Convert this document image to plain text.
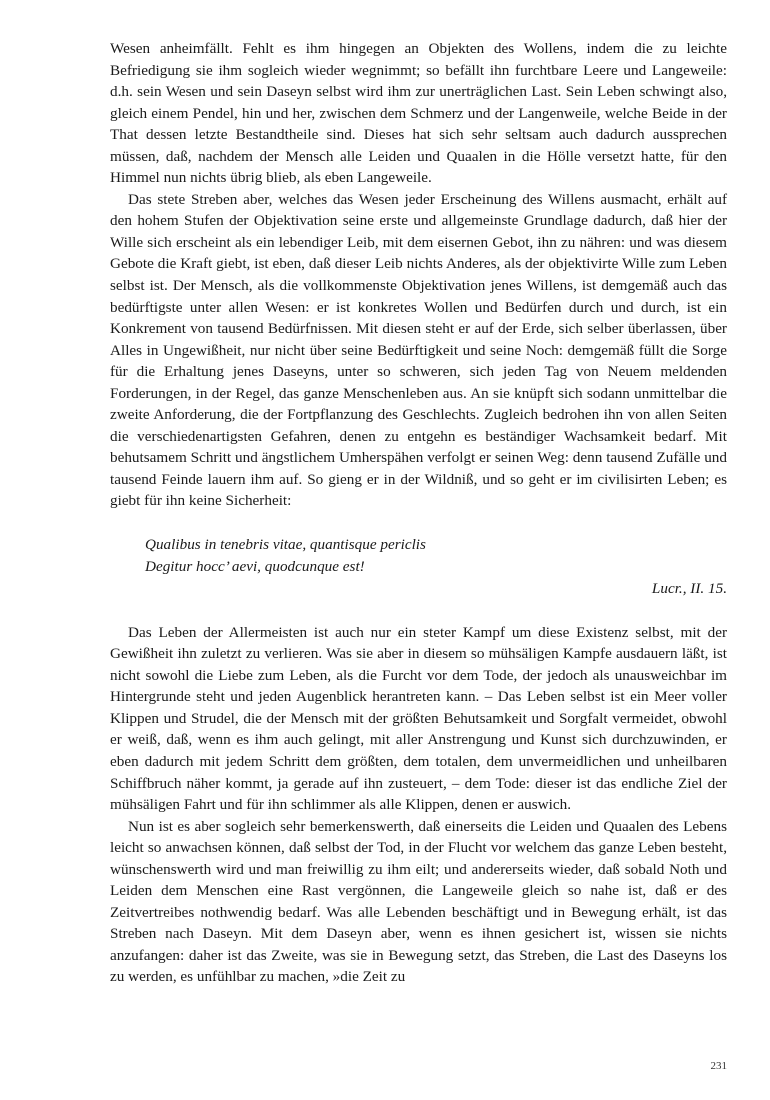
Wesen anheimfällt. Fehlt es ihm hingegen an Objekten des Wollens, indem die zu leichte Befriedigung sie ihm sogleich wieder wegnimmt; so befällt ihn furchtbare Leere und Langeweile: d.h. sein Wesen und sein Daseyn selbst wird ihm zur unerträglichen Last. Sein Leben schwingt also, gleich einem Pendel, hin und her, zwischen dem Schmerz und der Langenweile, welche Beide in der That dessen letzte Bestandtheile sind. Dieses hat sich sehr seltsam auch dadurch aussprechen müssen, daß, nachdem der Mensch alle Leiden und Quaalen in die Hölle versetzt hatte, für den Himmel nun nichts übrig blieb, als eben Langeweile.

Das stete Streben aber, welches das Wesen jeder Erscheinung des Willens ausmacht, erhält auf den hohem Stufen der Objektivation seine erste und allgemeinste Grundlage dadurch, daß hier der Wille sich erscheint als ein lebendiger Leib, mit dem eisernen Gebot, ihn zu nähren: und was diesem Gebote die Kraft giebt, ist eben, daß dieser Leib nichts Anderes, als der objektivirte Wille zum Leben selbst ist. Der Mensch, als die vollkommenste Objektivation jenes Willens, ist demgemäß auch das bedürftigste unter allen Wesen: er ist konkretes Wollen und Bedürfen durch und durch, ist ein Konkrement von tausend Bedürfnissen. Mit diesen steht er auf der Erde, sich selber überlassen, über Alles in Ungewißheit, nur nicht über seine Bedürftigkeit und seine Noch: demgemäß füllt die Sorge für die Erhaltung jenes Daseyns, unter so schweren, sich jeden Tag von Neuem meldenden Forderungen, in der Regel, das ganze Menschenleben aus. An sie knüpft sich sodann unmittelbar die zweite Anforderung, die der Fortpflanzung des Geschlechts. Zugleich bedrohen ihn von allen Seiten die verschiedenartigsten Gefahren, denen zu entgehn es beständiger Wachsamkeit bedarf. Mit behutsamem Schritt und ängstlichem Umherspähen verfolgt er seinen Weg: denn tausend Zufälle und tausend Feinde lauern ihm auf. So gieng er in der Wildniß, und so geht er im civilisirten Leben; es giebt für ihn keine Sicherheit:

Qualibus in tenebris vitae, quantisque periclis
Degitur hocc’ aevi, quodcunque est!
Lucr., II. 15.

Das Leben der Allermeisten ist auch nur ein steter Kampf um diese Existenz selbst, mit der Gewißheit ihn zuletzt zu verlieren. Was sie aber in diesem so mühsäligen Kampfe ausdauern läßt, ist nicht sowohl die Liebe zum Leben, als die Furcht vor dem Tode, der jedoch als unausweichbar im Hintergrunde steht und jeden Augenblick herantreten kann. – Das Leben selbst ist ein Meer voller Klippen und Strudel, die der Mensch mit der größten Behutsamkeit und Sorgfalt vermeidet, obwohl er weiß, daß, wenn es ihm auch gelingt, mit aller Anstrengung und Kunst sich durchzuwinden, er eben dadurch mit jedem Schritt dem größten, dem totalen, dem unvermeidlichen und unheilbaren Schiffbruch näher kommt, ja gerade auf ihn zusteuert, – dem Tode: dieser ist das endliche Ziel der mühsäligen Fahrt und für ihn schlimmer als alle Klippen, denen er auswich.

Nun ist es aber sogleich sehr bemerkenswerth, daß einerseits die Leiden und Quaalen des Lebens leicht so anwachsen können, daß selbst der Tod, in der Flucht vor welchem das ganze Leben besteht, wünschenswerth wird und man freiwillig zu ihm eilt; und andererseits wieder, daß sobald Noth und Leiden dem Menschen eine Rast vergönnen, die Langeweile gleich so nahe ist, daß er des Zeitvertreibes nothwendig bedarf. Was alle Lebenden beschäftigt und in Bewegung erhält, ist das Streben nach Daseyn. Mit dem Daseyn aber, wenn es ihnen gesichert ist, wissen sie nichts anzufangen: daher ist das Zweite, was sie in Bewegung setzt, das Streben, die Last des Daseyns los zu werden, es unfühlbar zu machen, »die Zeit zu

231
